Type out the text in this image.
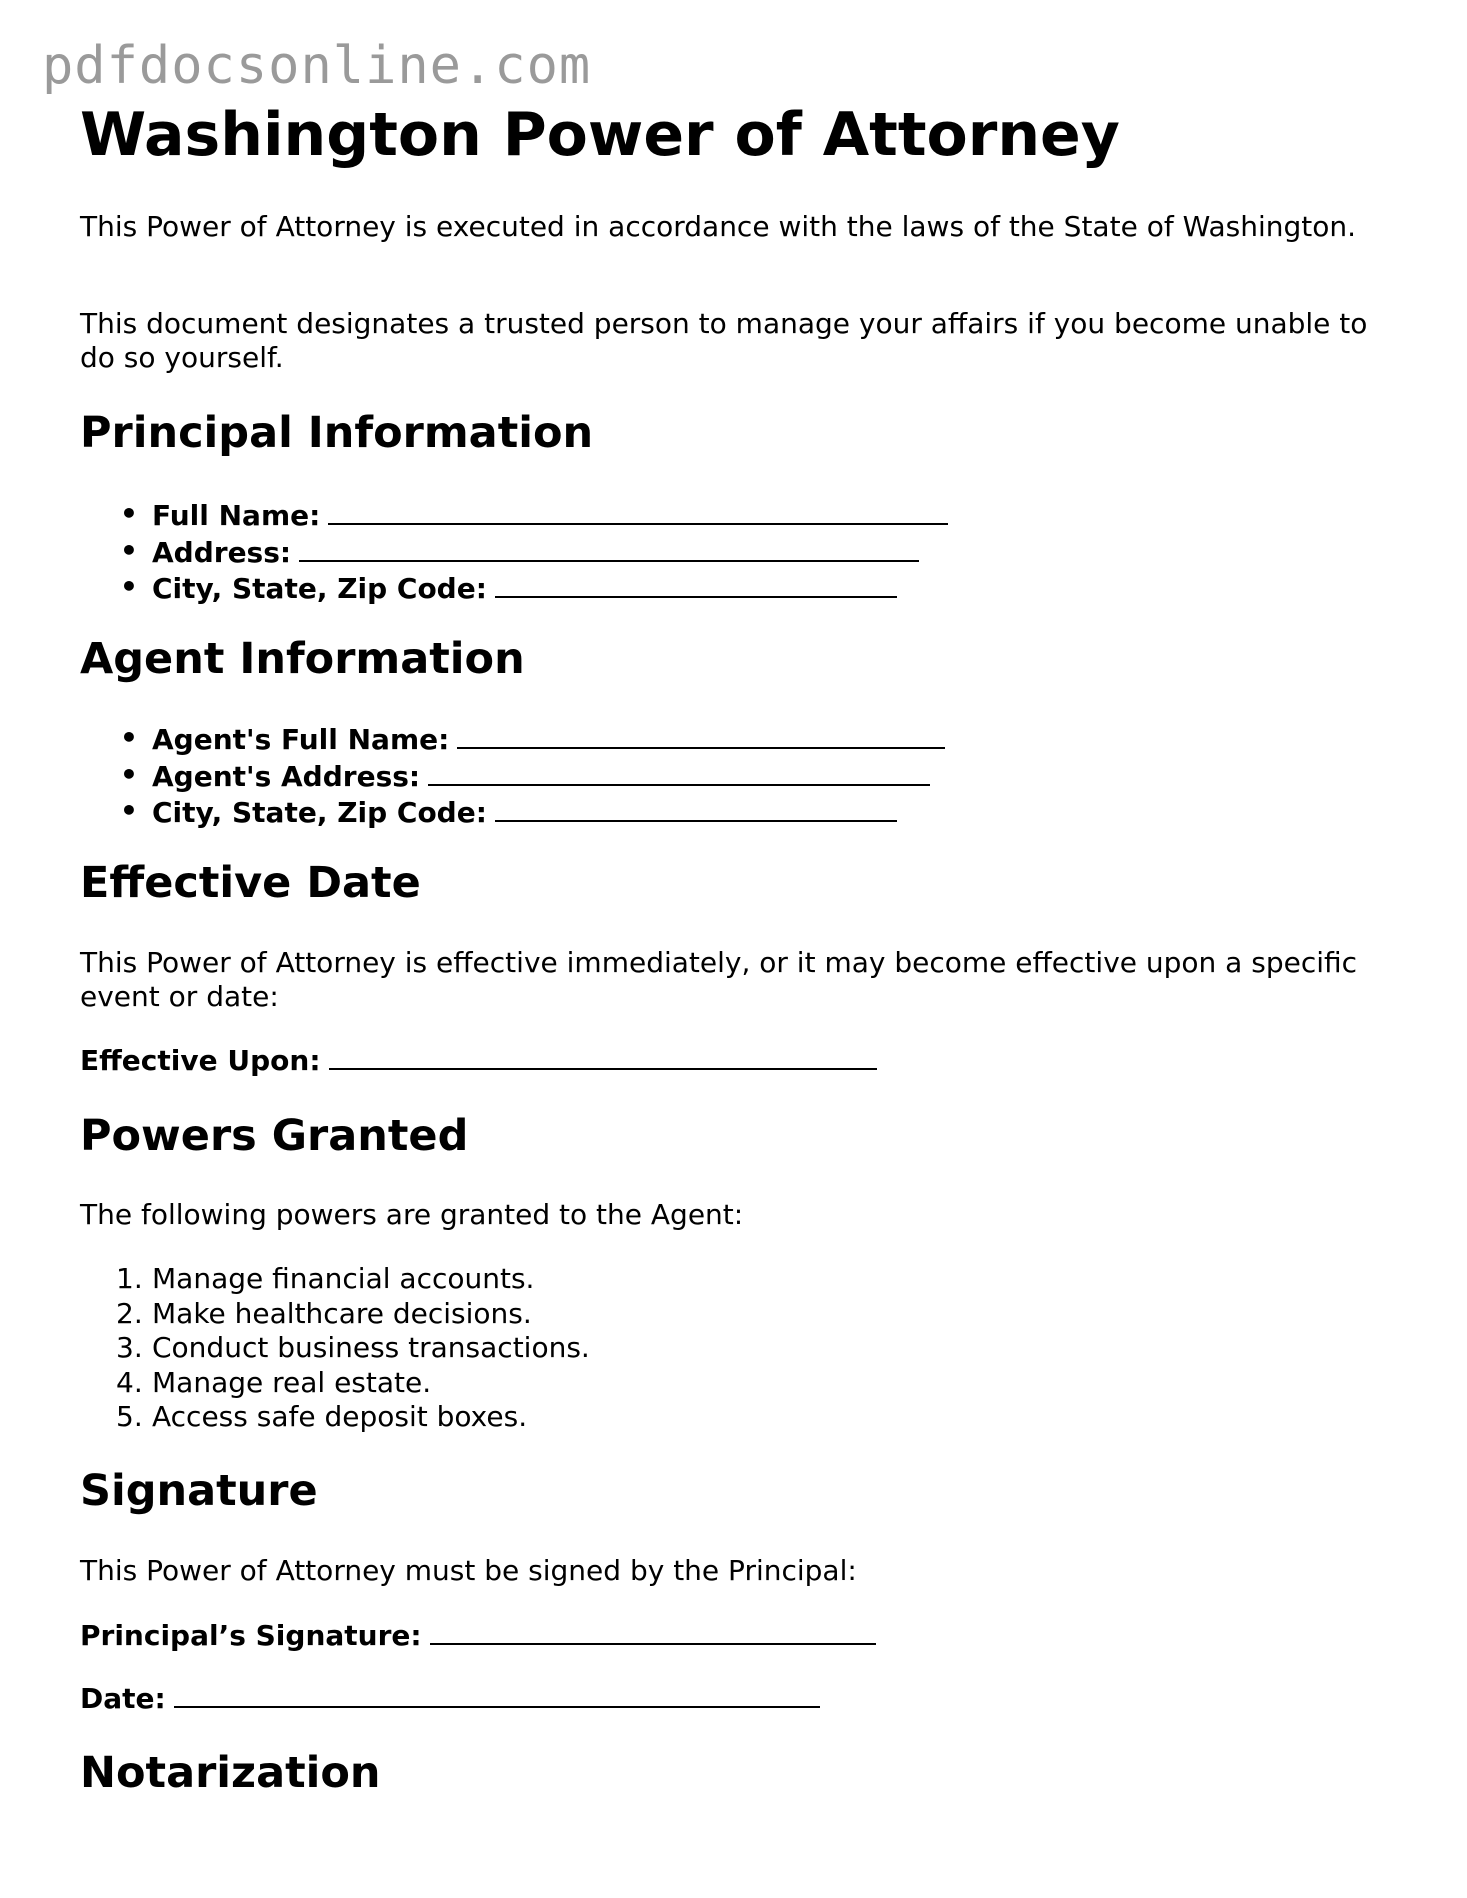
pdfdocsonline.com
Washington Power of Attorney

This Power of Attorney is executed in accordance with the laws of the State of Washington.

This document designates a trusted person to manage your affairs if you become unable to do so yourself.

Principal Information
• Full Name:
• Address:
• City, State, Zip Code:
Agent Information
• Agent's Full Name:
• Agent's Address:
• City, State, Zip Code:
Effective Date

This Power of Attorney is effective immediately, or it may become effective upon a specific event or date:

Effective Upon:
Powers Granted

The following powers are granted to the Agent:

1. Manage financial accounts.
2. Make healthcare decisions.
3. Conduct business transactions.
4. Manage real estate.
5. Access safe deposit boxes.
Signature

This Power of Attorney must be signed by the Principal:

Principal’s Signature:
Date:
Notarization
